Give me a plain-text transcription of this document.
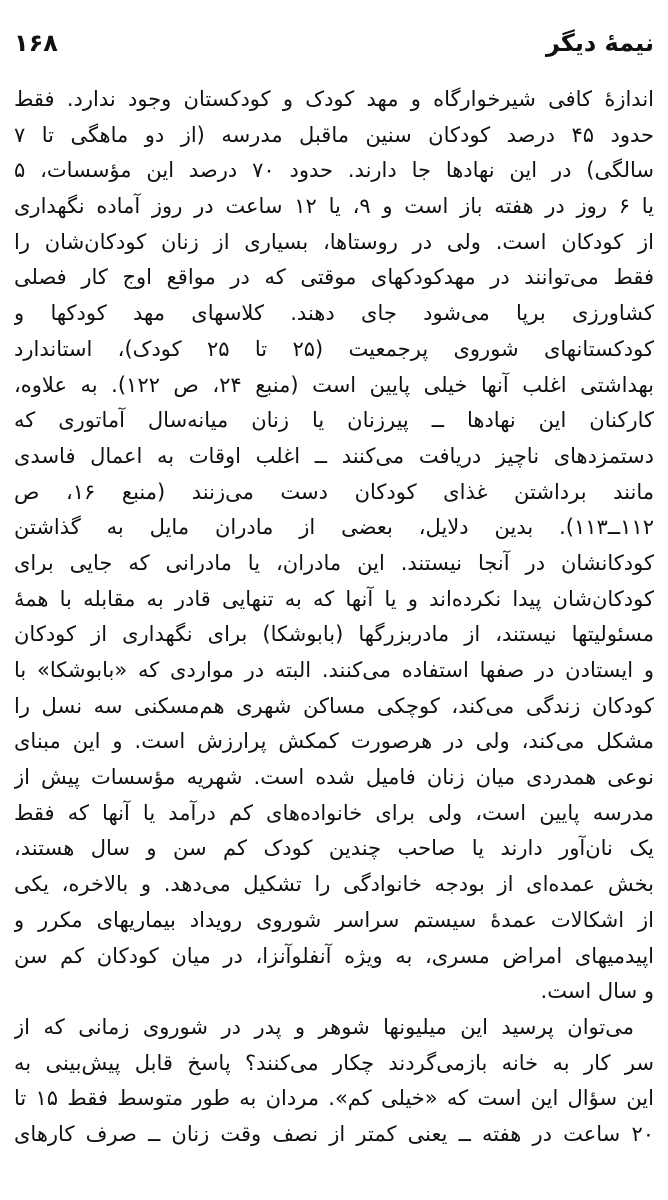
نیمهٔ دیگر
۱۶۸
اندازهٔ کافی شیرخوارگاه و مهد کودک و کودکستان وجود ندارد. فقط
حدود ۴۵ درصد کودکان سنین ماقبل مدرسه (از دو ماهگی تا ۷
سالگی) در این نهادها جا دارند. حدود ۷۰ درصد این مؤسسات، ۵
یا ۶ روز در هفته باز است و ۹، یا ۱۲ ساعت در روز آماده نگهداری
از کودکان است. ولی در روستاها، بسیاری از زنان کودکان‌شان را
فقط می‌توانند در مهدکودکهای موقتی که در مواقع اوج کار فصلی
کشاورزی برپا می‌شود جای دهند. کلاسهای مهد کودکها و
کودکستانهای شوروی پرجمعیت (۲۵ تا ۲۵ کودک)، استاندارد
بهداشتی اغلب آنها خیلی پایین است (منبع ۲۴، ص ۱۲۲). به علاوه،
کارکنان این نهادها ــ پیرزنان یا زنان میانه‌سال آماتوری که
دستمزدهای ناچیز دریافت می‌کنند ــ اغلب اوقات به اعمال فاسدی
مانند برداشتن غذای کودکان دست می‌زنند (منبع ۱۶، ص
۱۱۲ــ۱۱۳). بدین دلایل، بعضی از مادران مایل به گذاشتن
کودکانشان در آنجا نیستند. این مادران، یا مادرانی که جایی برای
کودکان‌شان پیدا نکرده‌اند و یا آنها که به تنهایی قادر به مقابله با همهٔ
مسئولیتها نیستند، از مادربزرگها (بابوشکا) برای نگهداری از کودکان
و ایستادن در صفها استفاده می‌کنند. البته در مواردی که «بابوشکا» با
کودکان زندگی می‌کند، کوچکی مساکن شهری هم‌مسکنی سه نسل را
مشکل می‌کند، ولی در هرصورت کمکش پرارزش است. و این مبنای
نوعی همدردی میان زنان فامیل شده است. شهریه مؤسسات پیش از
مدرسه پایین است، ولی برای خانواده‌های کم درآمد یا آنها که فقط
یک نان‌آور دارند یا صاحب چندین کودک کم سن و سال هستند،
بخش عمده‌ای از بودجه خانوادگی را تشکیل می‌دهد. و بالاخره، یکی
از اشکالات عمدهٔ سیستم سراسر شوروی رویداد بیماریهای مکرر و
اپیدمیهای امراض مسری، به ویژه آنفلوآنزا، در میان کودکان کم سن
و سال است.
می‌توان پرسید این میلیونها شوهر و پدر در شوروی زمانی که از
سر کار به خانه بازمی‌گردند چکار می‌کنند؟ پاسخ قابل پیش‌بینی به
این سؤال این است که «خیلی کم». مردان به طور متوسط فقط ۱۵ تا
۲۰ ساعت در هفته ــ یعنی کمتر از نصف وقت زنان ــ صرف کارهای
